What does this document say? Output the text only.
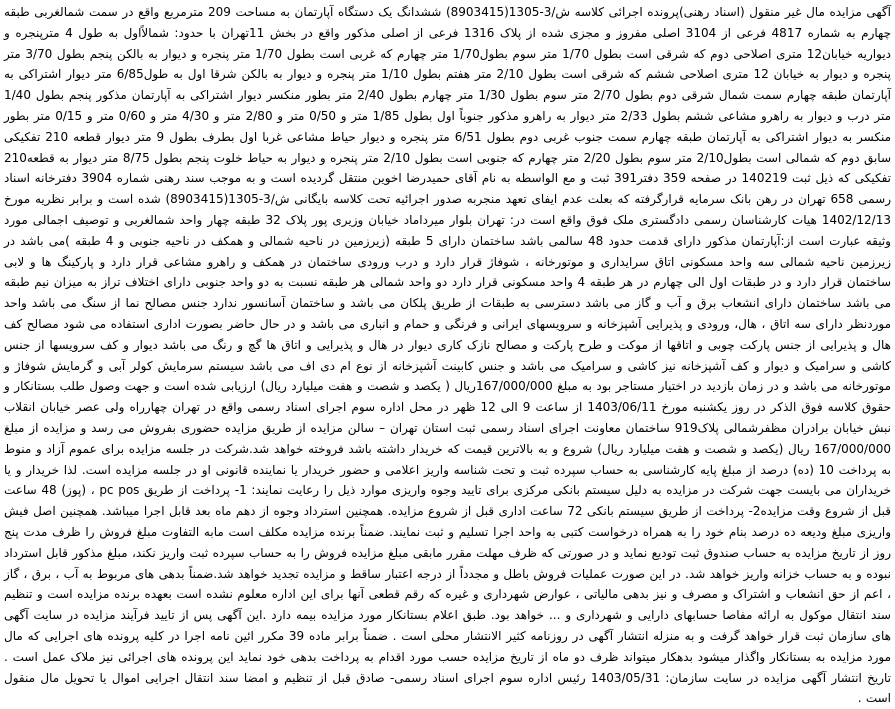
آگهی مزایده مال غیر منقول (اسناد رهنی)پرونده اجرائی کلاسه ش/3-1305(8903415) ششدانگ یک دستگاه آپارتمان به مساحت 209 مترمربع واقع در سمت شمالغربی طبقه چهارم به شماره 4817 فرعی از 3104 اصلی مفروز و مجزی شده از پلاک 1316 فرعی از اصلی مذکور واقع در بخش 11تهران با حدود: شمالاًاول به طول 4 مترپنجره و دیواریه خیابان12 متری اصلاحی دوم که شرقی است بطول 1/70 متر سوم بطول1/70 متر چهارم که غربی است بطول 1/70 متر پنجره و دیوار به بالکن پنجم بطول 3/70 متر پنجره و دیوار به خیابان 12 متری اصلاحی ششم که شرقی است بطول 2/10 متر هفتم بطول 1/10 متر پنجره و دیوار به بالکن شرقا اول به طول6/85 متر دیوار اشتراکی به آپارتمان طبقه چهارم سمت شمال شرقی دوم بطول 2/70 متر سوم بطول 1/30 متر چهارم بطول 2/40 متر بطور منکسر دیوار اشتراکی به آپارتمان مذکور پنجم بطول 1/40 متر درب و دیوار به راهرو مشاعی ششم بطول 2/33 متر دیوار به راهرو مذکور جنوباً اول بطول 1/85 متر و 0/50 متر و 2/80 متر و 4/30 متر و 0/60 متر و 0/15 متر بطور منکسر به دیوار اشتراکی به آپارتمان طبقه چهارم سمت جنوب غربی دوم بطول 6/51 متر پنجره و دیوار حیاط مشاعی غربا اول بطرف بطول 9 متر دیوار قطعه 210 تفکیکی سابق دوم که شمالی است بطول2/10 متر سوم بطول 2/20 متر چهارم که جنوبی است بطول 2/10 متر پنجره و دیوار به حیاط خلوت پنجم بطول 8/75 متر دیوار به قطعه210 تفکیکی که ذیل ثبت 140219 در صفحه 359 دفتر391 ثبت و مع الواسطه به نام آقای حمیدرضا اخوین منتقل گردیده است و به موجب سند رهنی شماره 3904 دفترخانه اسناد رسمی 658 تهران در رهن بانک سرمایه قرارگرفته که بعلت عدم ایفای تعهد منجربه صدور اجرائیه تحت کلاسه بایگانی ش/3-1305(8903415) شده است و برابر نظریه مورخ 1402/12/13 هیات کارشناسان رسمی دادگستری ملک فوق واقع است در: تهران بلوار میرداماد خیابان وزیری پور پلاک 32 طبقه چهار واحد شمالغربی و توصیف اجمالی مورد وثیقه عبارت است از:آپارتمان مذکور دارای قدمت حدود 48 سالمی باشد ساختمان دارای 5 طبقه (زیرزمین در ناحیه شمالی و همکف در ناحیه جنوبی و 4 طبقه )می باشد در زیرزمین ناحیه شمالی سه واحد مسکونی اتاق سرایداری و موتورخانه ، شوفاژ قرار دارد و درب ورودی ساختمان در همکف و راهرو مشاعی قرار دارد و پارکینگ ها و لابی ساختمان قرار دارد و در طبقات اول الی چهارم در هر طبقه 4 واحد مسکونی قرار دارد دو واحد شمالی هر طبقه نسبت به دو واحد جنوبی دارای اختلاف تراز به میزان نیم طبقه می باشد ساختمان دارای انشعاب برق و آب و گاز می باشد دسترسی به طبقات از طریق پلکان می باشد و ساختمان آسانسور ندارد جنس مصالح نما از سنگ می باشد واحد موردنظر دارای سه اتاق ، هال، ورودی و پذیرایی آشپزخانه و سرویسهای ایرانی و فرنگی و حمام و انباری می باشد و در حال حاضر بصورت اداری استفاده می شود مصالح کف هال و پذیرایی از جنس پارکت چوبی و اتاقها از موکت و طرح پارکت و مصالح نازک کاری دیوار در هال و پذیرایی و اتاق ها گچ و رنگ می باشد دیوار و کف سرویسها از جنس کاشی و سرامیک و دیوار و کف آشپزخانه نیز کاشی و سرامیک می باشد و جنس کابینت آشپزخانه از نوع ام دی اف می باشد سیستم سرمایش کولر آبی و گرمایش شوفاژ و موتورخانه می باشد و در زمان بازدید در اختیار مستاجر بود به مبلغ 167/000/000ریال ( یکصد و شصت و هفت میلیارد ریال) ارزیابی شده است و جهت وصول طلب بستانکار و حقوق کلاسه فوق الذکر در روز یکشنبه مورخ 1403/06/11 از ساعت 9 الی 12 ظهر در محل اداره سوم اجرای اسناد رسمی واقع در تهران چهارراه ولی عصر خیابان انقلاب نبش خیابان برادران مظفرشمالی پلاک919 ساختمان معاونت اجرای اسناد رسمی ثبت استان تهران – سالن مزایده از طریق مزایده حضوری بفروش می رسد و مزایده از مبلغ 167/000/000 ریال (یکصد و شصت و هفت میلیارد ریال) شروع و به بالاترین قیمت که خریدار داشته باشد فروخته خواهد شد.شرکت در جلسه مزایده برای عموم آزاد و منوط به پرداخت 10 (ده) درصد از مبلغ پایه کارشناسی به حساب سپرده ثبت و تحت شناسه واریز اعلامی و حضور خریدار یا نماینده قانونی او در جلسه مزایده است. لذا خریدار و یا خریداران می بایست جهت شرکت در مزایده به دلیل سیستم بانکی مرکزی برای تایید وجوه واریزی موارد ذیل را رعایت نمایند: 1- پرداخت از طریق pc pos ، (پوز) 48 ساعت قبل از شروع وقت مزایده2- پرداخت از طریق سیستم بانکی 72 ساعت اداری قبل از شروع مزایده. همچنین استرداد وجوه از دهم ماه بعد قابل اجرا میباشد. همچنین اصل فیش واریزی مبلغ ودیعه ده درصد بنام خود را به همراه درخواست کتبی به واحد اجرا تسلیم و ثبت نمایند. ضمناً برنده مزایده مکلف است مابه التفاوت مبلغ فروش را ظرف مدت پنج روز از تاریخ مزایده به حساب صندوق ثبت تودیع نماید و در صورتی که ظرف مهلت مقرر مابقی مبلغ مزایده فروش را به حساب سپرده ثبت واریز نکند، مبلغ مذکور قابل استرداد نبوده و به حساب خزانه واریز خواهد شد. در این صورت عملیات فروش باطل و مجدداً از درجه اعتبار ساقط و مزایده تجدید خواهد شد.ضمناً بدهی های مربوط به آب ، برق ، گاز ، اعم از حق انشعاب و اشتراک و مصرف و نیز بدهی مالیاتی ، عوارض شهرداری و غیره که رقم قطعی آنها برای این اداره معلوم نشده است بعهده برنده مزایده است و تنظیم سند انتقال موکول به ارائه مفاصا حسابهای دارایی و شهرداری و ... خواهد بود. طبق اعلام بستانکار مورد مزایده بیمه دارد .این آگهی پس از تایید فرآیند مزایده در سایت آگهی های سازمان ثبت قرار خواهد گرفت و به منزله انتشار آگهی در روزنامه کثیر الانتشار محلی است . ضمناً برابر ماده 39 مکرر ائین نامه اجرا در کلیه پرونده های اجرایی که مال مورد مزایده به بستانکار واگذار میشود بدهکار میتواند ظرف دو ماه از تاریخ مزایده حسب مورد اقدام به پرداخت بدهی خود نماید این پرونده های اجرائی نیز ملاک عمل است . تاریخ انتشار آگهی مزایده در سایت سازمان: 1403/05/31 رئیس اداره سوم اجرای اسناد رسمی- صادق قبل از تنظیم و امضا سند انتقال اجرایی اموال یا تحویل مال منقول است .
